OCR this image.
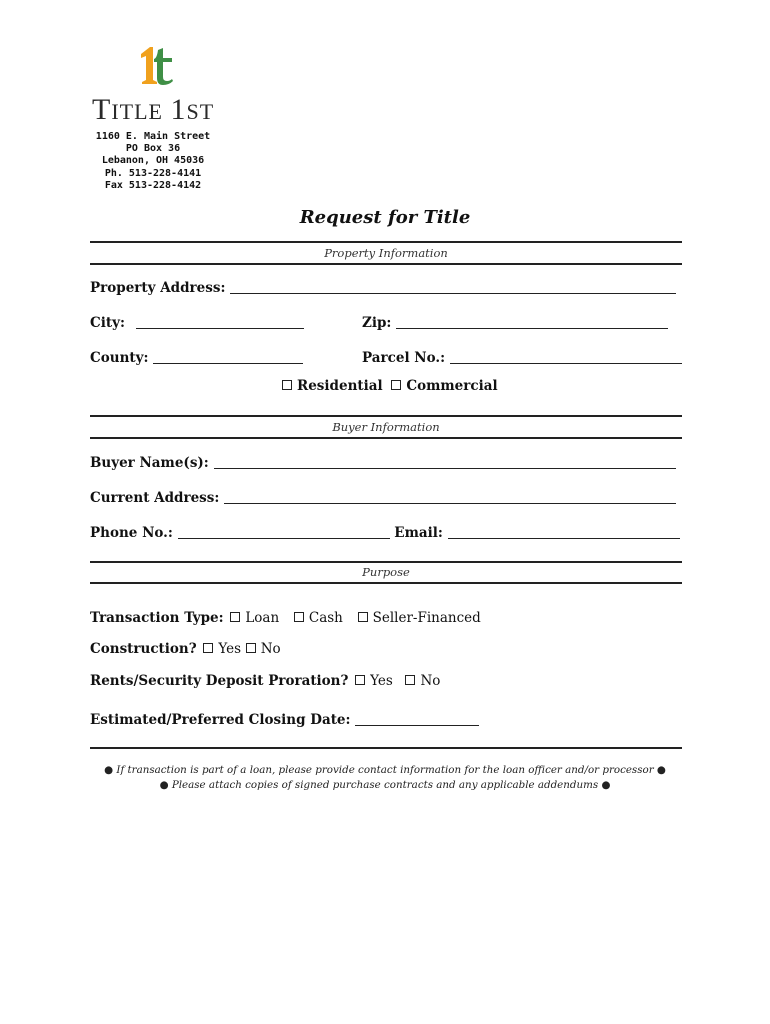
TITLE 1ST
1160 E. Main Street
PO Box 36
Lebanon, OH 45036
Ph. 513-228-4141
Fax 513-228-4142
Request for Title
Property Information
Property Address:
City:	Zip:
County:	Parcel No.:
Residential Commercial
Buyer Information
Buyer Name(s):
Current Address:
Phone No.:	Email:
Purpose
Transaction Type: Loan Cash Seller-Financed
Construction? Yes No
Rents/Security Deposit Proration? Yes No
Estimated/Preferred Closing Date:
● If transaction is part of a loan, please provide contact information for the loan officer and/or processor ●
● Please attach copies of signed purchase contracts and any applicable addendums ●
